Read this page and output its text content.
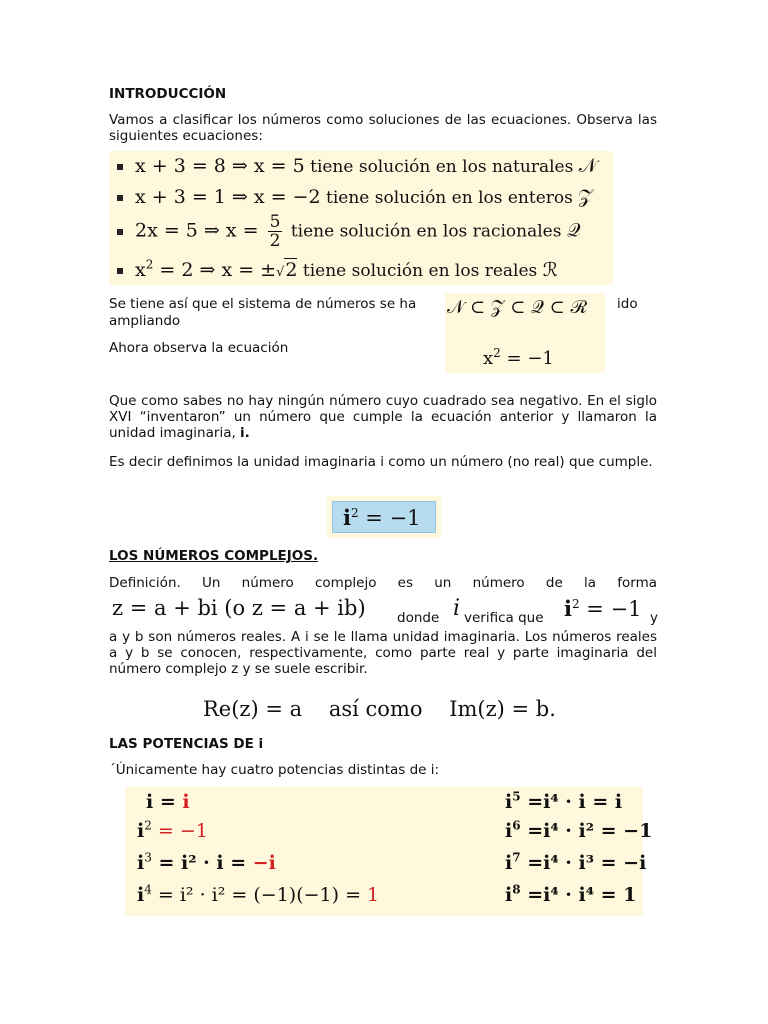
INTRODUCCIÓN
Vamos a clasificar los números como soluciones de las ecuaciones. Observa las siguientes ecuaciones:
x + 3 = 8 ⇒ x = 5 tiene solución en los naturales 𝒩
x + 3 = 1 ⇒ x = −2 tiene solución en los enteros 𝒵
2x = 5 ⇒ $x = \frac{5}{2}$ tiene solución en los racionales 𝒬
$x^2 = 2$ ⇒ x = ±√2 tiene solución en los reales ℛ
Se tiene así que el sistema de números se ha	ido
ampliando
𝒩 ⊂ 𝒵 ⊂ 𝒬 ⊂ ℛ
$x^2 = -1$
Ahora observa la ecuación
Que como sabes no hay ningún número cuyo cuadrado sea negativo. En el siglo XVI “inventaron” un número que cumple la ecuación anterior y llamaron la unidad imaginaria, i.
Es decir definimos la unidad imaginaria i como un número (no real) que cumple.
$i^2 = -1$
LOS NÚMEROS COMPLEJOS.
Definición. Un número complejo es un número de la forma
z = a + bi (o z = a + ib) donde i verifica que $i^2 = -1$ y
a y b son números reales. A i se le llama unidad imaginaria. Los números reales a y b se conocen, respectivamente, como parte real y parte imaginaria del número complejo z y se suele escribir.
Re(z) = a    así como    Im(z) = b.
LAS POTENCIAS DE i
´Únicamente hay cuatro potencias distintas de i:
i = i
$i^2 = -1$
$i^3 = i^2 \cdot i = -i$
$i^4 = i^2 \cdot i^2 = (-1)(-1) = 1$
$i^5 =i^4 \cdot i = i$
$i^6 =i^4 \cdot i^2 = -1$
$i^7 =i^4 \cdot i^3 = -i$
$i^8 =i^4 \cdot i^4 = 1$
